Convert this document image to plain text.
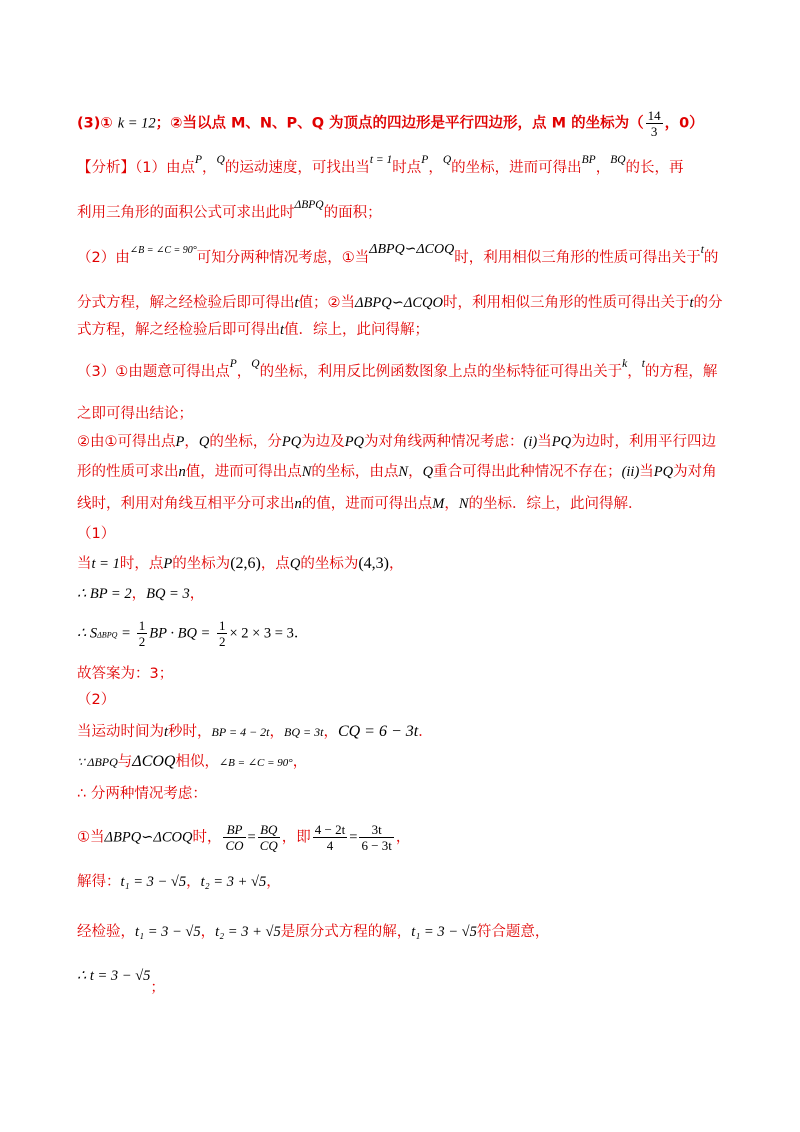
(3)① k = 12；②当以点 M、N、P、Q 为顶点的四边形是平行四边形，点 M 的坐标为（ $\frac{14}{3}$ ，0）
【分析】（1）由点$^P$，$^Q$的运动速度，可找出当$^{t = 1}$时点$^P$，$^Q$的坐标，进而可得出$^{BP}$，$^{BQ}$的长，再
利用三角形的面积公式可求出此时$^{\Delta BPQ}$的面积；
（2）由$^{\angle B = \angle C = 90^\circ}$可知分两种情况考虑，①当ΔBPQ∽ΔCOQ时，利用相似三角形的性质可得出关于$^t$的
分式方程，解之经检验后即可得出t值；②当ΔBPQ∽ΔCQO时，利用相似三角形的性质可得出关于t的分
式方程，解之经检验后即可得出t值．综上，此问得解；
（3）①由题意可得出点$^P$，$^Q$的坐标，利用反比例函数图象上点的坐标特征可得出关于$^k$，$^t$的方程，解
之即可得出结论；
②由①可得出点P，Q的坐标，分PQ为边及PQ为对角线两种情况考虑：(i)当PQ为边时，利用平行四边
形的性质可求出n值，进而可得出点N的坐标，由点N，Q重合可得出此种情况不存在；(ii)当PQ为对角
线时，利用对角线互相平分可求出n的值，进而可得出点M，N的坐标．综上，此问得解．
（1）
当t = 1时，点P的坐标为(2,6)，点Q的坐标为(4,3)，
∴ BP = 2，BQ = 3，
∴ $S\Delta BPQ = \frac{1}{2}$ BP · BQ = $\frac{1}{2} \times 2 \times 3 = 3$．
故答案为：3；
（2）
当运动时间为t秒时，BP = 4 − 2t，BQ = 3t，CQ = 6 − 3t．
∵ ΔBPQ与ΔCOQ相似，∠B = ∠C = 90°，
∴ 分两种情况考虑：
①当ΔBPQ∽ΔCOQ时， $\frac{BP}{CO} = \frac{BQ}{CQ}$ ，即 $\frac{4 - 2t}{4} = \frac{3t}{6 - 3t}$ ，
解得：t₁ = 3 − √5，t₂ = 3 + √5，
经检验，t₁ = 3 − √5，t₂ = 3 + √5是原分式方程的解，t₁ = 3 − √5符合题意，
∴ t = 3 − √5；
